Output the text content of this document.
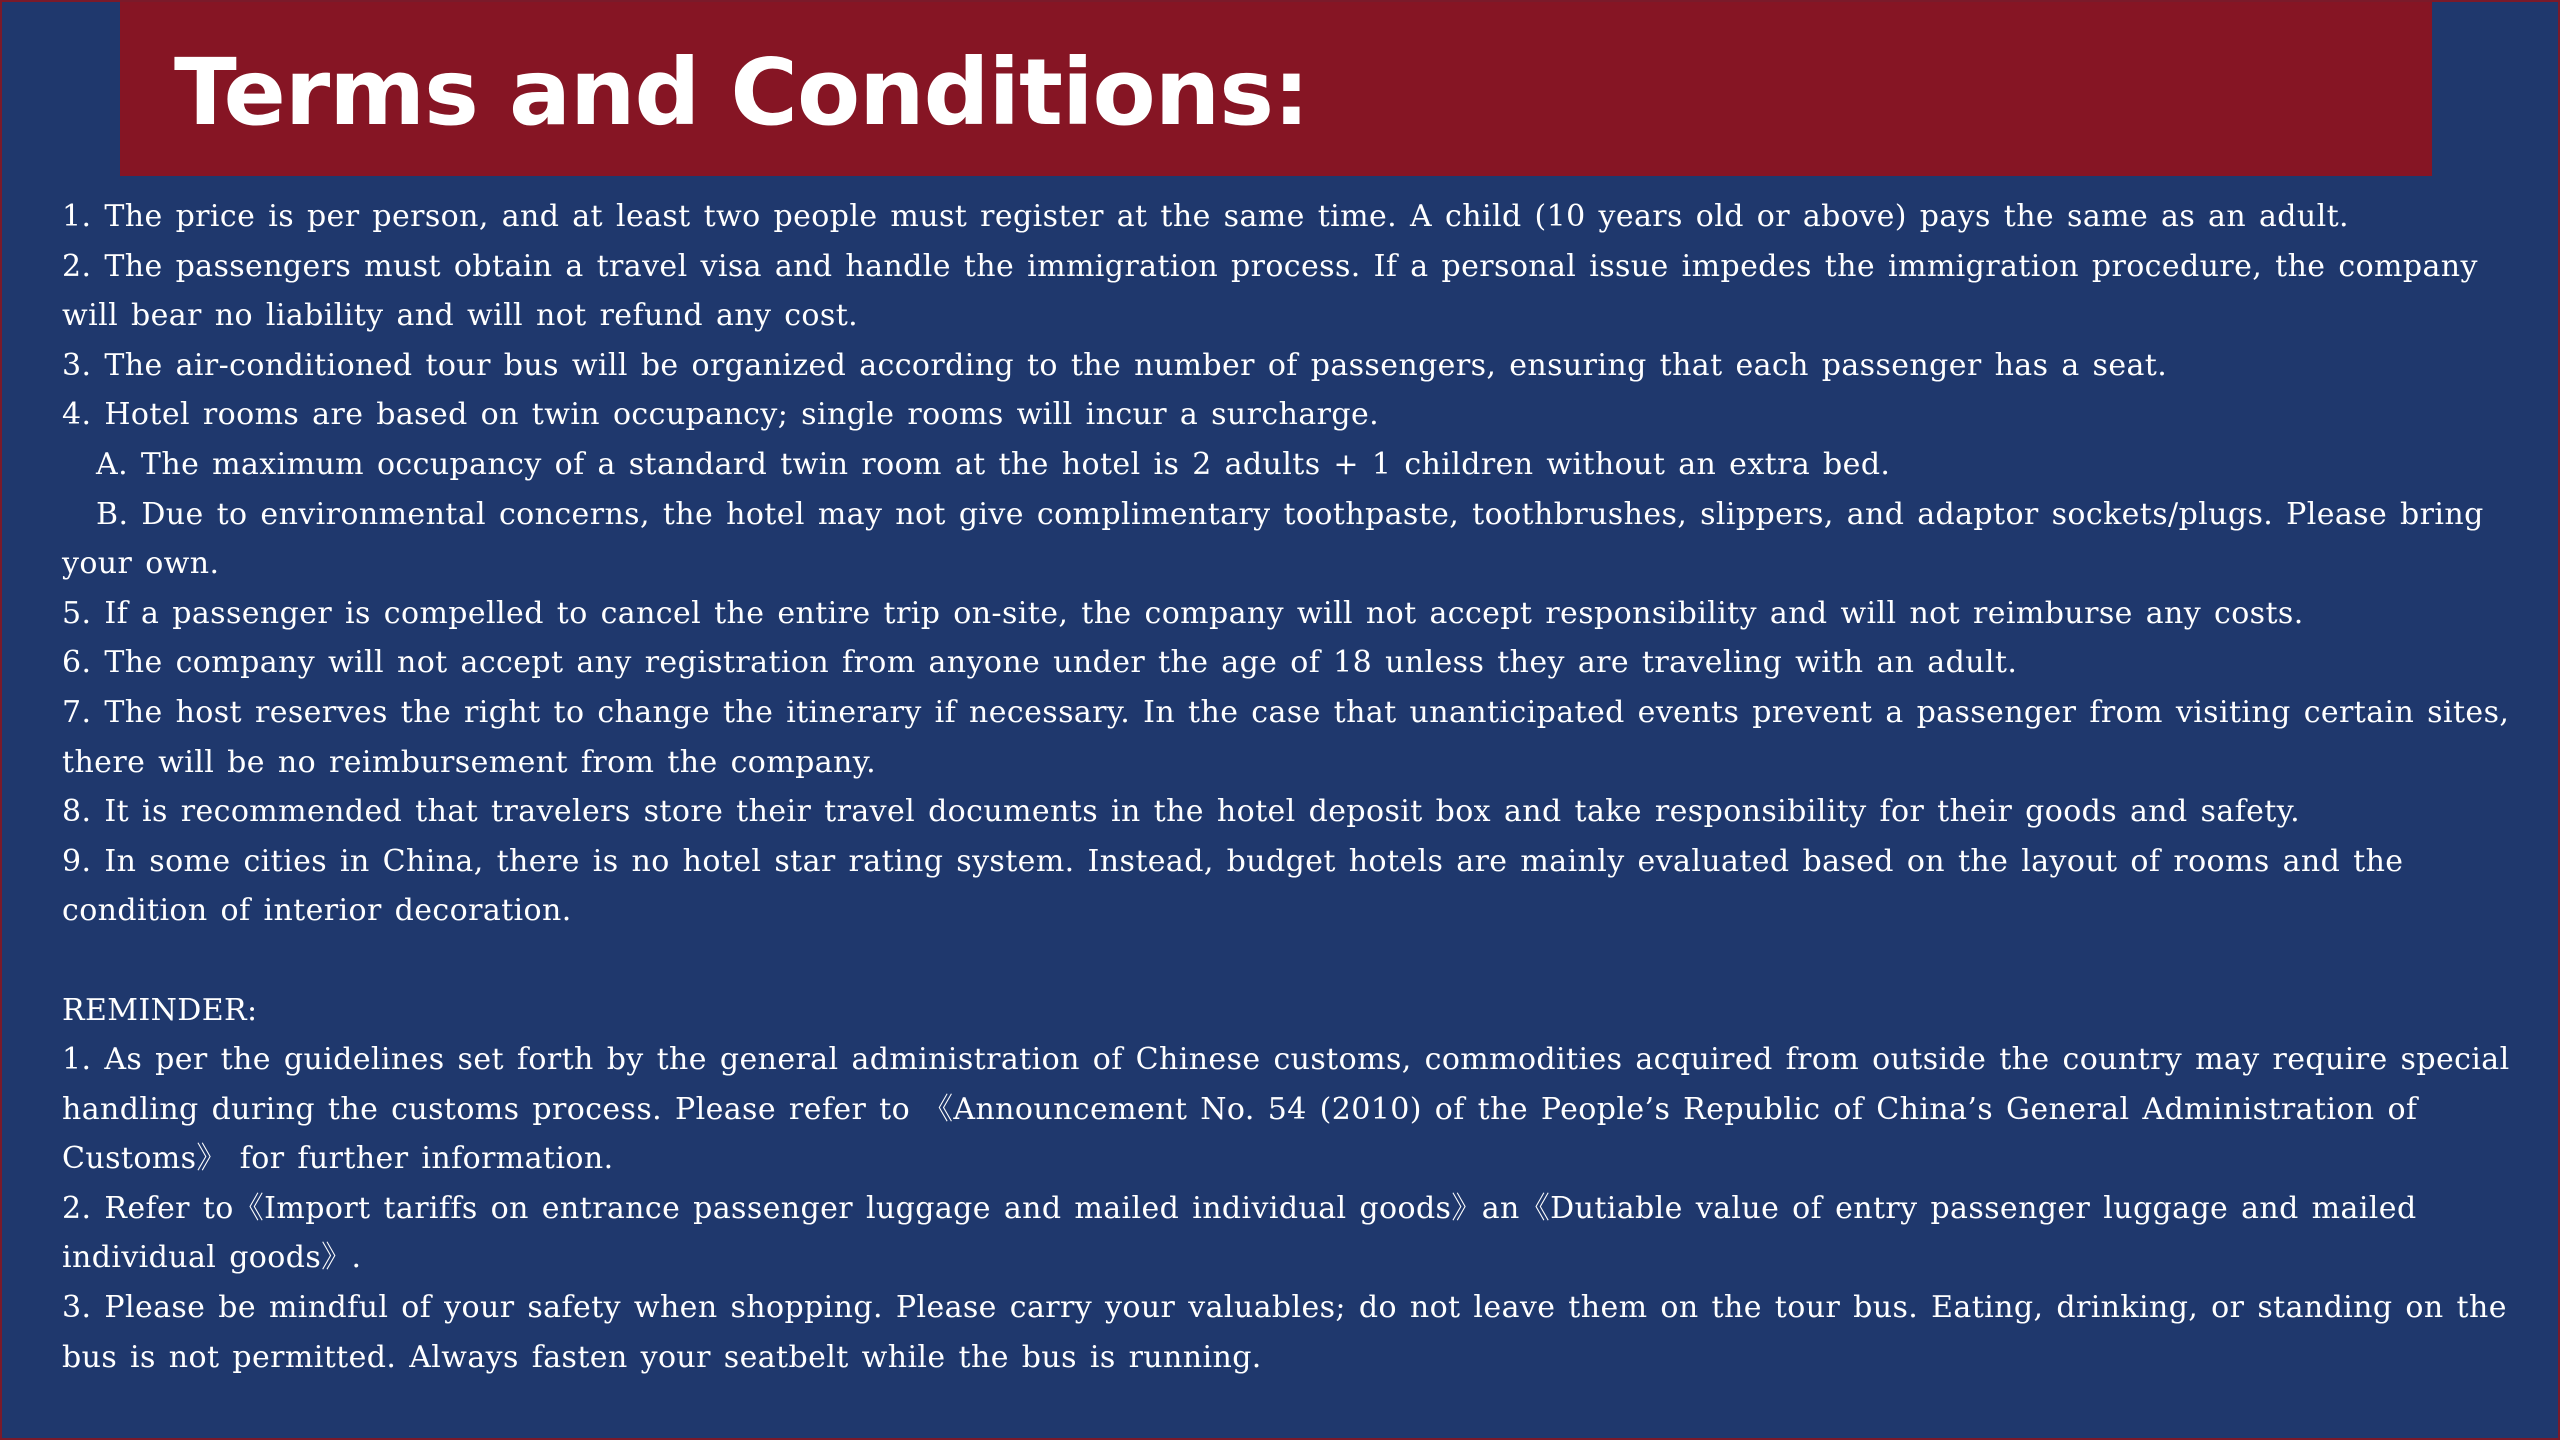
Terms and Conditions:

1. The price is per person, and at least two people must register at the same time. A child (10 years old or above) pays the same as an adult.

2. The passengers must obtain a travel visa and handle the immigration process. If a personal issue impedes the immigration procedure, the company will bear no liability and will not refund any cost.

3. The air-conditioned tour bus will be organized according to the number of passengers, ensuring that each passenger has a seat.

4. Hotel rooms are based on twin occupancy; single rooms will incur a surcharge.

A. The maximum occupancy of a standard twin room at the hotel is 2 adults + 1 children without an extra bed.

B. Due to environmental concerns, the hotel may not give complimentary toothpaste, toothbrushes, slippers, and adaptor sockets/plugs. Please bring your own.

5. If a passenger is compelled to cancel the entire trip on-site, the company will not accept responsibility and will not reimburse any costs.

6. The company will not accept any registration from anyone under the age of 18 unless they are traveling with an adult.

7. The host reserves the right to change the itinerary if necessary. In the case that unanticipated events prevent a passenger from visiting certain sites, there will be no reimbursement from the company.

8. It is recommended that travelers store their travel documents in the hotel deposit box and take responsibility for their goods and safety.

9. In some cities in China, there is no hotel star rating system. Instead, budget hotels are mainly evaluated based on the layout of rooms and the condition of interior decoration.

REMINDER:

1. As per the guidelines set forth by the general administration of Chinese customs, commodities acquired from outside the country may require special handling during the customs process. Please refer to 《Announcement No. 54 (2010) of the People’s Republic of China’s General Administration of Customs》 for further information.

2. Refer to《Import tariffs on entrance passenger luggage and mailed individual goods》an《Dutiable value of entry passenger luggage and mailed individual goods》.

3. Please be mindful of your safety when shopping. Please carry your valuables; do not leave them on the tour bus. Eating, drinking, or standing on the bus is not permitted. Always fasten your seatbelt while the bus is running.
